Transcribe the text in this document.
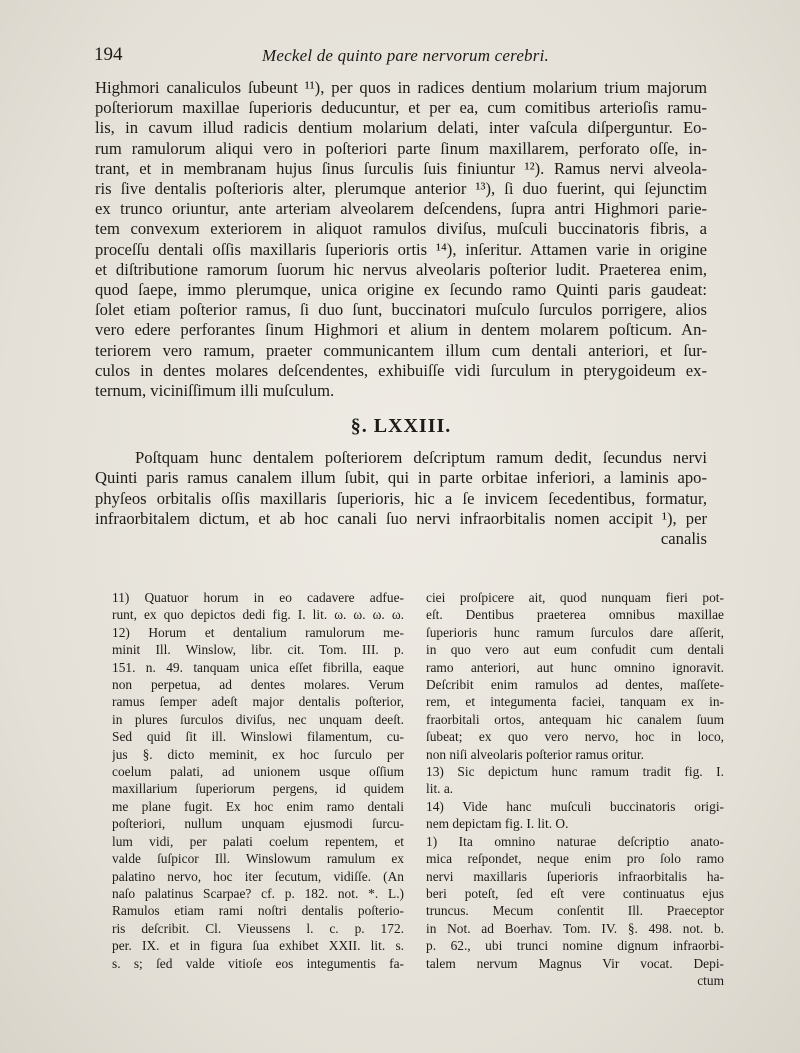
194	Meckel de quinto pare nervorum cerebri.
Highmori canaliculos ſubeunt ¹¹), per quos in radices dentium molarium trium majorum
poſteriorum maxillae ſuperioris deducuntur, et per ea, cum comitibus arterioſis ramu-
lis, in cavum illud radicis dentium molarium delati, inter vaſcula diſperguntur. Eo-
rum ramulorum aliqui vero in poſteriori parte ſinum maxillarem, perforato oſſe, in-
trant, et in membranam hujus ſinus ſurculis ſuis finiuntur ¹²). Ramus nervi alveola-
ris ſive dentalis poſterioris alter, plerumque anterior ¹³), ſi duo fuerint, qui ſejunctim
ex trunco oriuntur, ante arteriam alveolarem deſcendens, ſupra antri Highmori parie-
tem convexum exteriorem in aliquot ramulos diviſus, muſculi buccinatoris fibris, a
proceſſu dentali oſſis maxillaris ſuperioris ortis ¹⁴), inſeritur. Attamen varie in origine
et diſtributione ramorum ſuorum hic nervus alveolaris poſterior ludit. Praeterea enim,
quod ſaepe, immo plerumque, unica origine ex ſecundo ramo Quinti paris gaudeat:
ſolet etiam poſterior ramus, ſi duo ſunt, buccinatori muſculo ſurculos porrigere, alios
vero edere perforantes ſinum Highmori et alium in dentem molarem poſticum. An-
teriorem vero ramum, praeter communicantem illum cum dentali anteriori, et ſur-
culos in dentes molares deſcendentes, exhibuiſſe vidi ſurculum in pterygoideum ex-
ternum, viciniſſimum illi muſculum.
§. LXXIII.
Poſtquam hunc dentalem poſteriorem deſcriptum ramum dedit, ſecundus nervi
Quinti paris ramus canalem illum ſubit, qui in parte orbitae inferiori, a laminis apo-
phyſeos orbitalis oſſis maxillaris ſuperioris, hic a ſe invicem ſecedentibus, formatur,
infraorbitalem dictum, et ab hoc canali ſuo nervi infraorbitalis nomen accipit ¹), per
canalis
11) Quatuor horum in eo cadavere adfue-
runt, ex quo depictos dedi fig. I. lit. ω. ω. ω. ω.
12) Horum et dentalium ramulorum me-
minit Ill. Winslow, libr. cit. Tom. III. p.
151. n. 49. tanquam unica eſſet fibrilla, eaque
non perpetua, ad dentes molares. Verum
ramus ſemper adeſt major dentalis poſterior,
in plures ſurculos diviſus, nec unquam deeſt.
Sed quid ſit ill. Winslowi filamentum, cu-
jus §. dicto meminit, ex hoc ſurculo per
coelum palati, ad unionem usque oſſium
maxillarium ſuperiorum pergens, id quidem
me plane fugit. Ex hoc enim ramo dentali
poſteriori, nullum unquam ejusmodi ſurcu-
lum vidi, per palati coelum repentem, et
valde ſuſpicor Ill. Winslowum ramulum ex
palatino nervo, hoc iter ſecutum, vidiſſe. (An
naſo palatinus Scarpae? cf. p. 182. not. *. L.)
Ramulos etiam rami noſtri dentalis poſterio-
ris deſcribit. Cl. Vieussens l. c. p. 172.
per. IX. et in figura ſua exhibet XXII. lit. s.
s. s; ſed valde vitioſe eos integumentis fa-
ciei proſpicere ait, quod nunquam fieri pot-
eſt. Dentibus praeterea omnibus maxillae
ſuperioris hunc ramum ſurculos dare aſſerit,
in quo vero aut eum confudit cum dentali
ramo anteriori, aut hunc omnino ignoravit.
Deſcribit enim ramulos ad dentes, maſſete-
rem, et integumenta faciei, tanquam ex in-
fraorbitali ortos, antequam hic canalem ſuum
ſubeat; ex quo vero nervo, hoc in loco,
non niſi alveolaris poſterior ramus oritur.
13) Sic depictum hunc ramum tradit fig. I.
lit. a.
14) Vide hanc muſculi buccinatoris origi-
nem depictam fig. I. lit. O.
1) Ita omnino naturae deſcriptio anato-
mica reſpondet, neque enim pro ſolo ramo
nervi maxillaris ſuperioris infraorbitalis ha-
beri poteſt, ſed eſt vere continuatus ejus
truncus. Mecum conſentit Ill. Praeceptor
in Not. ad Boerhav. Tom. IV. §. 498. not. b.
p. 62., ubi trunci nomine dignum infraorbi-
talem nervum Magnus Vir vocat. Depi-
ctum
